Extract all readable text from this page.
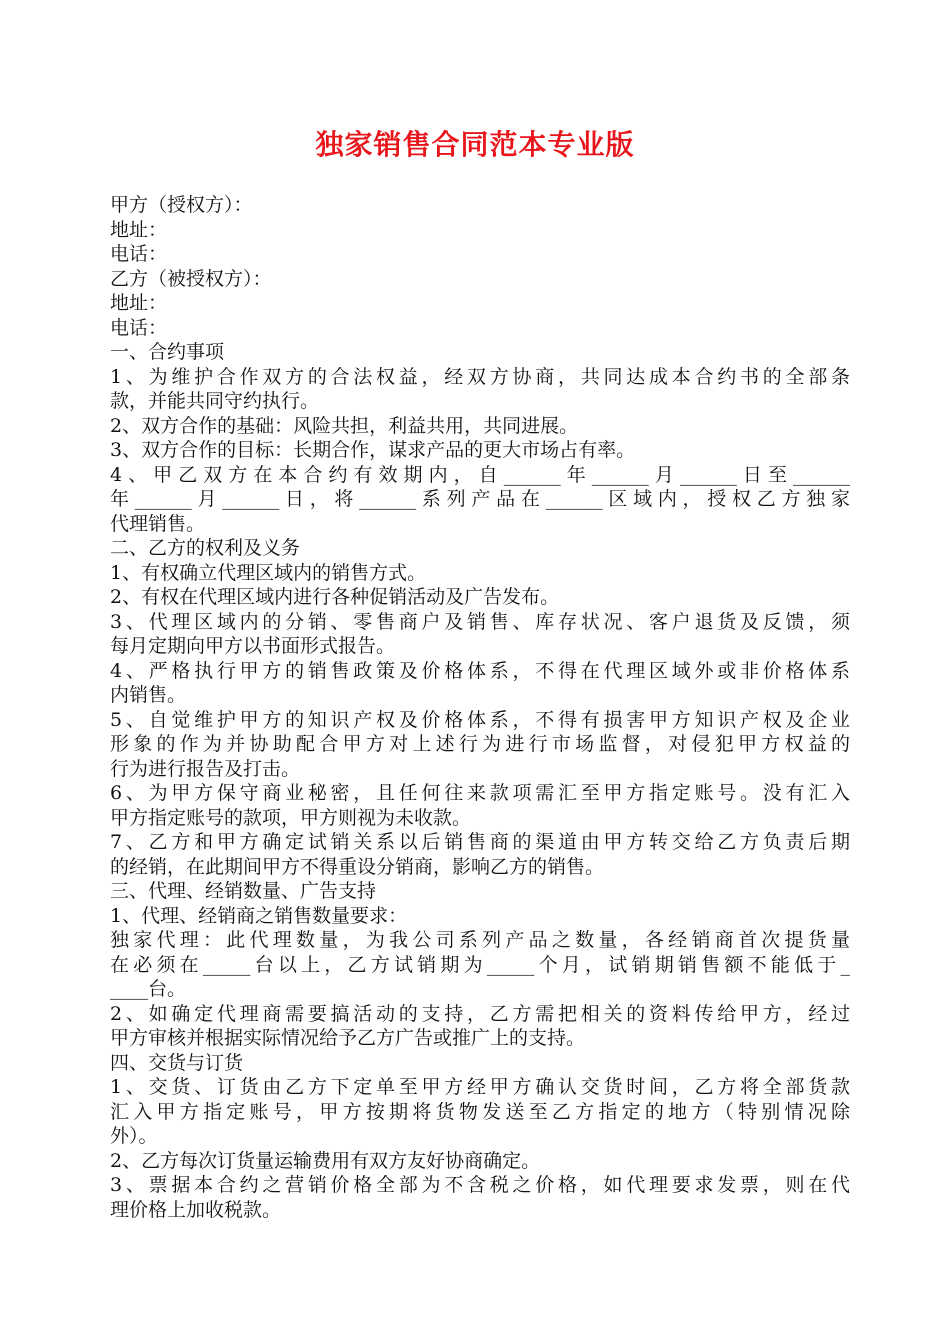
独家销售合同范本专业版
甲方（授权方）：
地址：
电话：
乙方（被授权方）：
地址：
电话：
一、合约事项
1、为维护合作双方的合法权益，经双方协商，共同达成本合约书的全部条
款，并能共同守约执行。
2、双方合作的基础：风险共担，利益共用，共同进展。
3、双方合作的目标：长期合作，谋求产品的更大市场占有率。
4、甲乙双方在本合约有效期内，自______年______月______日至______
年______月______日，将______系列产品在______区域内，授权乙方独家
代理销售。
二、乙方的权利及义务
1、有权确立代理区域内的销售方式。
2、有权在代理区域内进行各种促销活动及广告发布。
3、代理区域内的分销、零售商户及销售、库存状况、客户退货及反馈，须
每月定期向甲方以书面形式报告。
4、严格执行甲方的销售政策及价格体系，不得在代理区域外或非价格体系
内销售。
5、自觉维护甲方的知识产权及价格体系，不得有损害甲方知识产权及企业
形象的作为并协助配合甲方对上述行为进行市场监督，对侵犯甲方权益的
行为进行报告及打击。
6、为甲方保守商业秘密，且任何往来款项需汇至甲方指定账号。没有汇入
甲方指定账号的款项，甲方则视为未收款。
7、乙方和甲方确定试销关系以后销售商的渠道由甲方转交给乙方负责后期
的经销，在此期间甲方不得重设分销商，影响乙方的销售。
三、代理、经销数量、广告支持
1、代理、经销商之销售数量要求：
独家代理：此代理数量，为我公司系列产品之数量，各经销商首次提货量
在必须在_____台以上，乙方试销期为_____个月，试销期销售额不能低于_
____台。
2、如确定代理商需要搞活动的支持，乙方需把相关的资料传给甲方，经过
甲方审核并根据实际情况给予乙方广告或推广上的支持。
四、交货与订货
1、交货、订货由乙方下定单至甲方经甲方确认交货时间，乙方将全部货款
汇入甲方指定账号，甲方按期将货物发送至乙方指定的地方（特别情况除
外）。
2、乙方每次订货量运输费用有双方友好协商确定。
3、票据本合约之营销价格全部为不含税之价格，如代理要求发票，则在代
理价格上加收税款。
